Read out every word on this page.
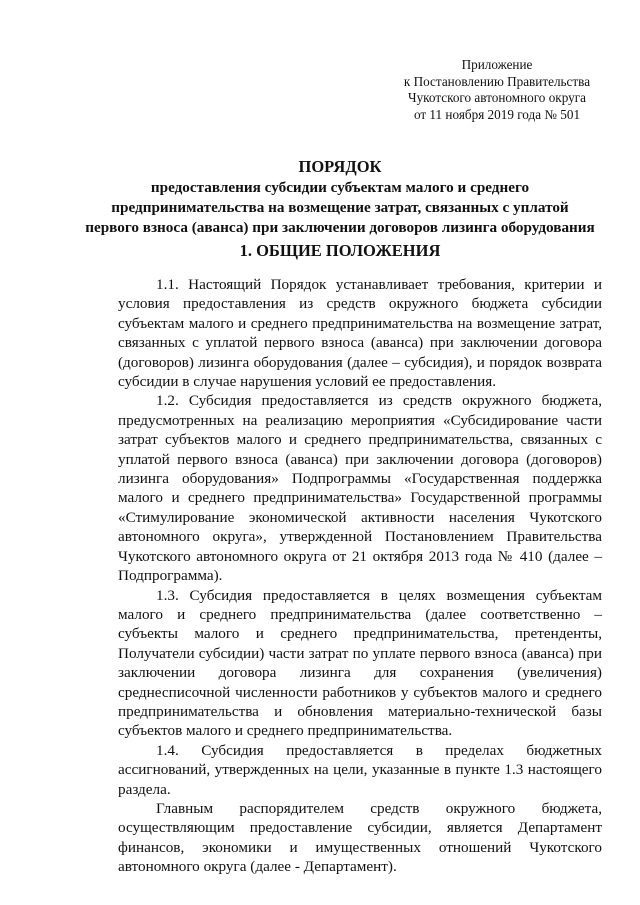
Приложение
к Постановлению Правительства
Чукотского автономного округа
от 11 ноября 2019 года № 501
ПОРЯДОК
предоставления субсидии субъектам малого и среднего
предпринимательства на возмещение затрат, связанных с уплатой
первого взноса (аванса) при заключении договоров лизинга оборудования
1. ОБЩИЕ ПОЛОЖЕНИЯ

1.1. Настоящий Порядок устанавливает требования, критерии и условия предоставления из средств окружного бюджета субсидии субъектам малого и среднего предпринимательства на возмещение затрат, связанных с уплатой первого взноса (аванса) при заключении договора (договоров) лизинга оборудования (далее – субсидия), и порядок возврата субсидии в случае нарушения условий ее предоставления.

1.2. Субсидия предоставляется из средств окружного бюджета, предусмотренных на реализацию мероприятия «Субсидирование части затрат субъектов малого и среднего предпринимательства, связанных с уплатой первого взноса (аванса) при заключении договора (договоров) лизинга оборудования» Подпрограммы «Государственная поддержка малого и среднего предпринимательства» Государственной программы «Стимулирование экономической активности населения Чукотского автономного округа», утвержденной Постановлением Правительства Чукотского автономного округа от 21 октября 2013 года № 410 (далее – Подпрограмма).

1.3. Субсидия предоставляется в целях возмещения субъектам малого и среднего предпринимательства (далее соответственно – субъекты малого и среднего предпринимательства, претенденты, Получатели субсидии) части затрат по уплате первого взноса (аванса) при заключении договора лизинга для сохранения (увеличения) среднесписочной численности работников у субъектов малого и среднего предпринимательства и обновления материально-технической базы субъектов малого и среднего предпринимательства.

1.4. Субсидия предоставляется в пределах бюджетных ассигнований, утвержденных на цели, указанные в пункте 1.3 настоящего раздела.

Главным распорядителем средств окружного бюджета, осуществляющим предоставление субсидии, является Департамент финансов, экономики и имущественных отношений Чукотского автономного округа (далее - Департамент).
